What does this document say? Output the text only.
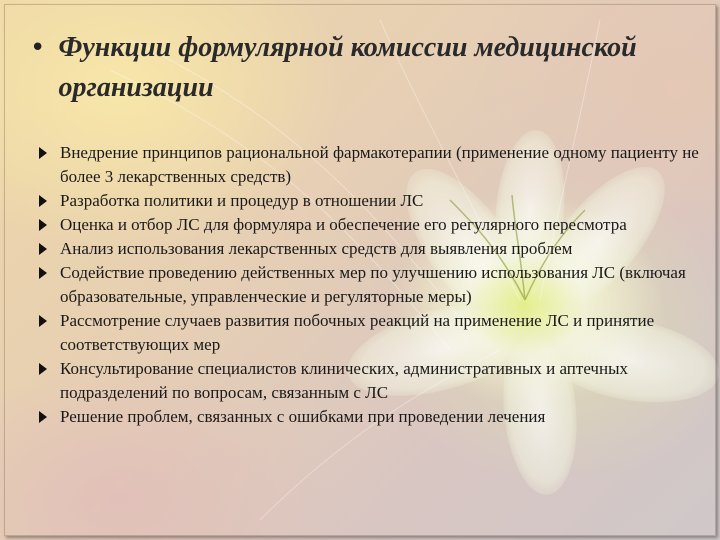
• Функции формулярной комиссии медицинской организации
Внедрение принципов рациональной фармакотерапии (применение одному пациенту не более 3 лекарственных средств)
Разработка политики и процедур в отношении ЛС
Оценка и отбор ЛС для формуляра и обеспечение его регулярного пересмотра
Анализ использования лекарственных средств для выявления проблем
Содействие проведению действенных мер по улучшению использования ЛС (включая образовательные, управленческие и регуляторные меры)
Рассмотрение случаев развития побочных реакций на применение ЛС и принятие соответствующих мер
Консультирование специалистов клинических, административных и аптечных подразделений по вопросам, связанным с ЛС
Решение проблем, связанных с ошибками при проведении лечения
